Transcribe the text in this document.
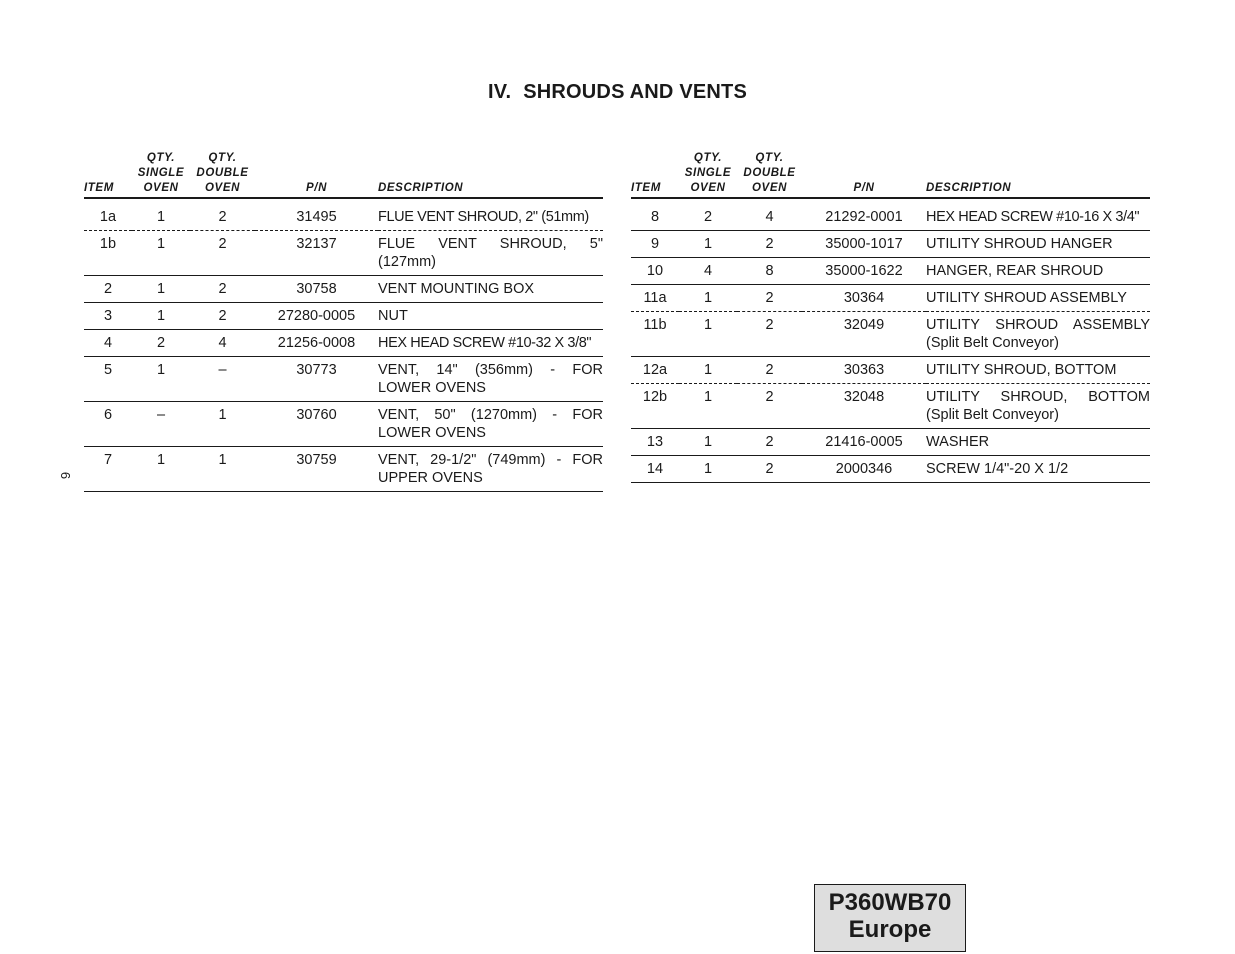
IV. SHROUDS AND VENTS
ITEM	QTY.
SINGLE
OVEN	QTY.
DOUBLE
OVEN	P/N	DESCRIPTION
1a	1	2	31495	FLUE VENT SHROUD, 2" (51mm)
1b	1	2	32137	FLUE VENT SHROUD, 5" (127mm)
2	1	2	30758	VENT MOUNTING BOX
3	1	2	27280-0005	NUT
4	2	4	21256-0008	HEX HEAD SCREW #10-32 X 3/8"
5	1	–	30773	VENT, 14" (356mm) - FOR LOWER OVENS
6	–	1	30760	VENT, 50" (1270mm) - FOR LOWER OVENS
7	1	1	30759	VENT, 29-1/2" (749mm) - FOR UPPER OVENS
ITEM	QTY.
SINGLE
OVEN	QTY.
DOUBLE
OVEN	P/N	DESCRIPTION
8	2	4	21292-0001	HEX HEAD SCREW #10-16 X 3/4"
9	1	2	35000-1017	UTILITY SHROUD HANGER
10	4	8	35000-1622	HANGER, REAR SHROUD
11a	1	2	30364	UTILITY SHROUD ASSEMBLY
11b	1	2	32049	UTILITY SHROUD ASSEMBLY (Split Belt Conveyor)
12a	1	2	30363	UTILITY SHROUD, BOTTOM
12b	1	2	32048	UTILITY SHROUD, BOTTOM (Split Belt Conveyor)
13	1	2	21416-0005	WASHER
14	1	2	2000346	SCREW 1/4"-20 X 1/2
6
P360WB70
Europe
